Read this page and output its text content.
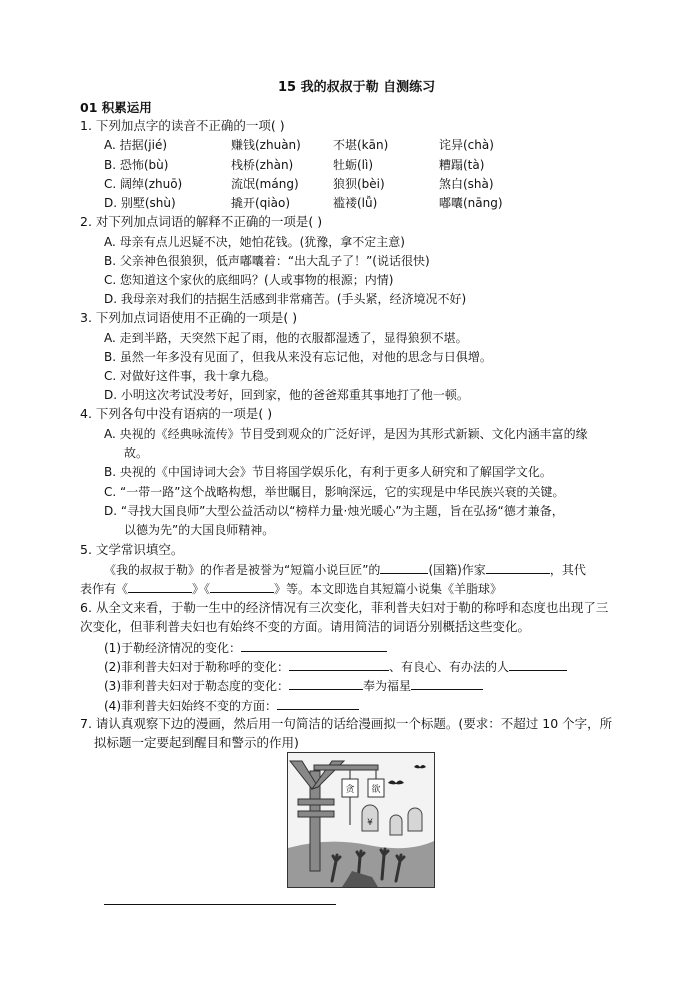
15 我的叔叔于勒 自测练习
01 积累运用
1. 下列加点字的读音不正确的一项( )
A. 拮据(jié)	赚钱(zhuàn)	不堪(kān)	诧异(chà)
B. 恐怖(bù)	栈桥(zhàn)	牡蛎(lì)	糟蹋(tà)
C. 阔绰(zhuō)	流氓(máng)	狼狈(bèi)	煞白(shà)
D. 别墅(shù)	撬开(qiào)	褴褛(lǚ)	嘟囔(nāng)
2. 对下列加点词语的解释不正确的一项是( )
A. 母亲有点儿迟疑不决，她怕花钱。(犹豫，拿不定主意)
B. 父亲神色很狼狈，低声嘟囔着：“出大乱子了！”(说话很快)
C. 您知道这个家伙的底细吗？(人或事物的根源；内情)
D. 我母亲对我们的拮据生活感到非常痛苦。(手头紧，经济境况不好)
3. 下列加点词语使用不正确的一项是( )
A. 走到半路，天突然下起了雨，他的衣服都湿透了，显得狼狈不堪。
B. 虽然一年多没有见面了，但我从来没有忘记他，对他的思念与日俱增。
C. 对做好这件事，我十拿九稳。
D. 小明这次考试没考好，回到家，他的爸爸郑重其事地打了他一顿。
4. 下列各句中没有语病的一项是( )
A. 央视的《经典咏流传》节目受到观众的广泛好评，是因为其形式新颖、文化内涵丰富的缘
故。
B. 央视的《中国诗词大会》节目将国学娱乐化，有利于更多人研究和了解国学文化。
C. “一带一路”这个战略构想，举世瞩目，影响深远，它的实现是中华民族兴衰的关键。
D. “寻找大国良师”大型公益活动以“榜样力量·烛光暖心”为主题，旨在弘扬“德才兼备，
以德为先”的大国良师精神。
5. 文学常识填空。
《我的叔叔于勒》的作者是被誉为“短篇小说巨匠”的	(国籍)作家	，其代
表作有《	》《	》等。本文即选自其短篇小说集《羊脂球》
6. 从全文来看，于勒一生中的经济情况有三次变化，菲利普夫妇对于勒的称呼和态度也出现了三
次变化，但菲利普夫妇也有始终不变的方面。请用简洁的词语分别概括这些变化。
(1)于勒经济情况的变化：
(2)菲利普夫妇对于勒称呼的变化：	、有良心、有办法的人
(3)菲利普夫妇对于勒态度的变化：	奉为福星
(4)菲利普夫妇始终不变的方面：
7. 请认真观察下边的漫画，然后用一句简洁的话给漫画拟一个标题。(要求：不超过 10 个字，所
拟标题一定要起到醒目和警示的作用)
贪 欲
¥
